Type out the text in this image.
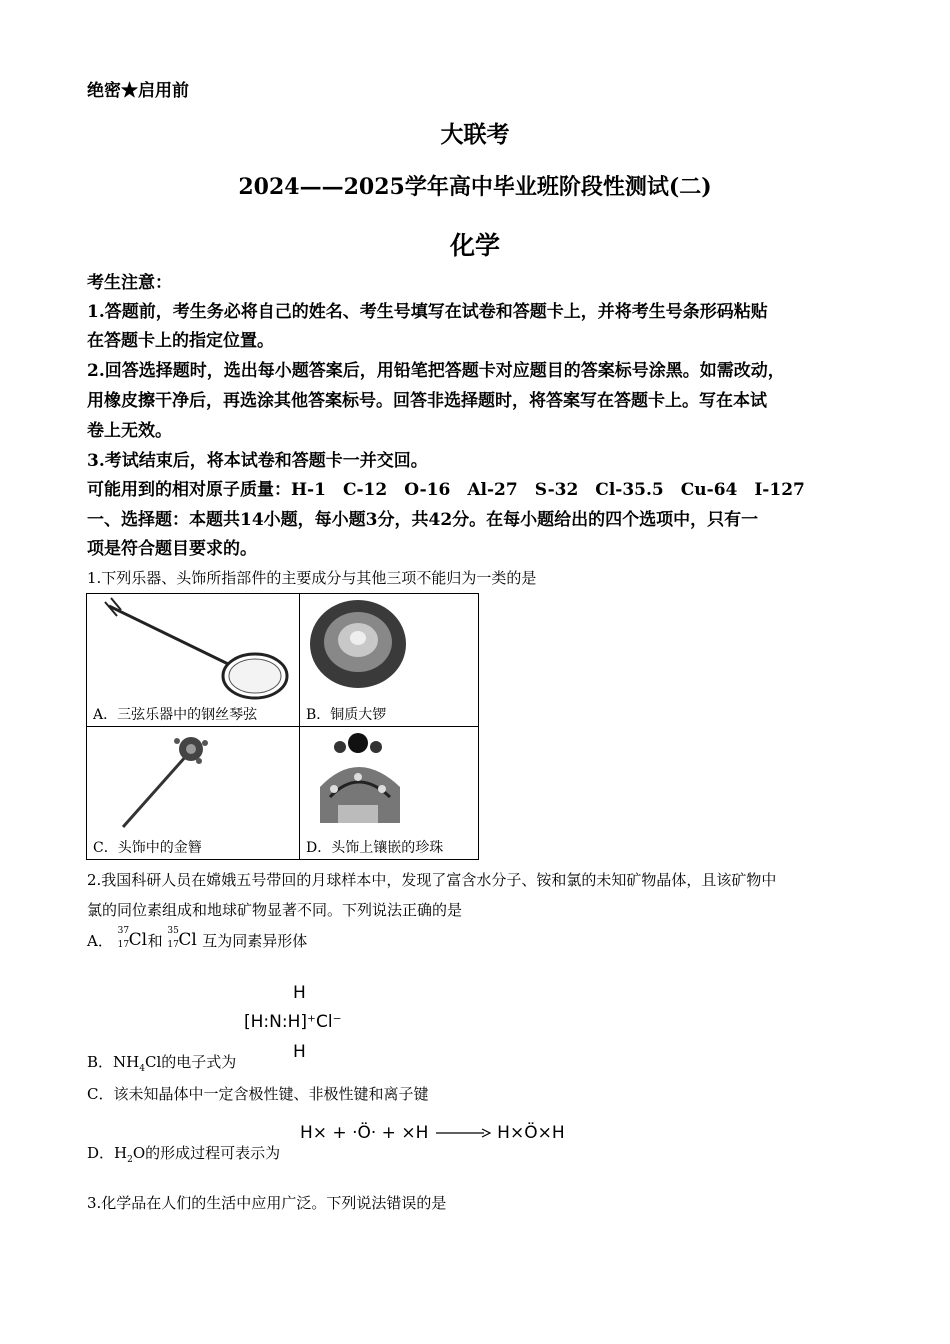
绝密★启用前
大联考
2024——2025学年高中毕业班阶段性测试(二)
化学
考生注意：
1.答题前，考生务必将自己的姓名、考生号填写在试卷和答题卡上，并将考生号条形码粘贴
在答题卡上的指定位置。
2.回答选择题时，选出每小题答案后，用铅笔把答题卡对应题目的答案标号涂黑。如需改动，
用橡皮擦干净后，再选涂其他答案标号。回答非选择题时，将答案写在答题卡上。写在本试
卷上无效。
3.考试结束后，将本试卷和答题卡一并交回。
可能用到的相对原子质量：H-1　C-12　O-16　Al-27　S-32　Cl-35.5　Cu-64　I-127
一、选择题：本题共14小题，每小题3分，共42分。在每小题给出的四个选项中，只有一
项是符合题目要求的。
1.下列乐器、头饰所指部件的主要成分与其他三项不能归为一类的是
A．三弦乐器中的钢丝琴弦	B．铜质大锣

C．头饰中的金簪	D．头饰上镶嵌的珍珠
2.我国科研人员在嫦娥五号带回的月球样本中，发现了富含水分子、铵和氯的未知矿物晶体，且该矿物中
氯的同位素组成和地球矿物显著不同。下列说法正确的是
A．
37
17 Cl 和
35
17 Cl 互为同素异形体
H
[H:N:H]⁺Cl⁻
H
B．$NH_4Cl$的电子式为
C．该未知晶体中一定含极性键、非极性键和离子键
H× + ·Ö· + ×H	H×Ö×H
D．$H_2O$的形成过程可表示为
3.化学品在人们的生活中应用广泛。下列说法错误的是
